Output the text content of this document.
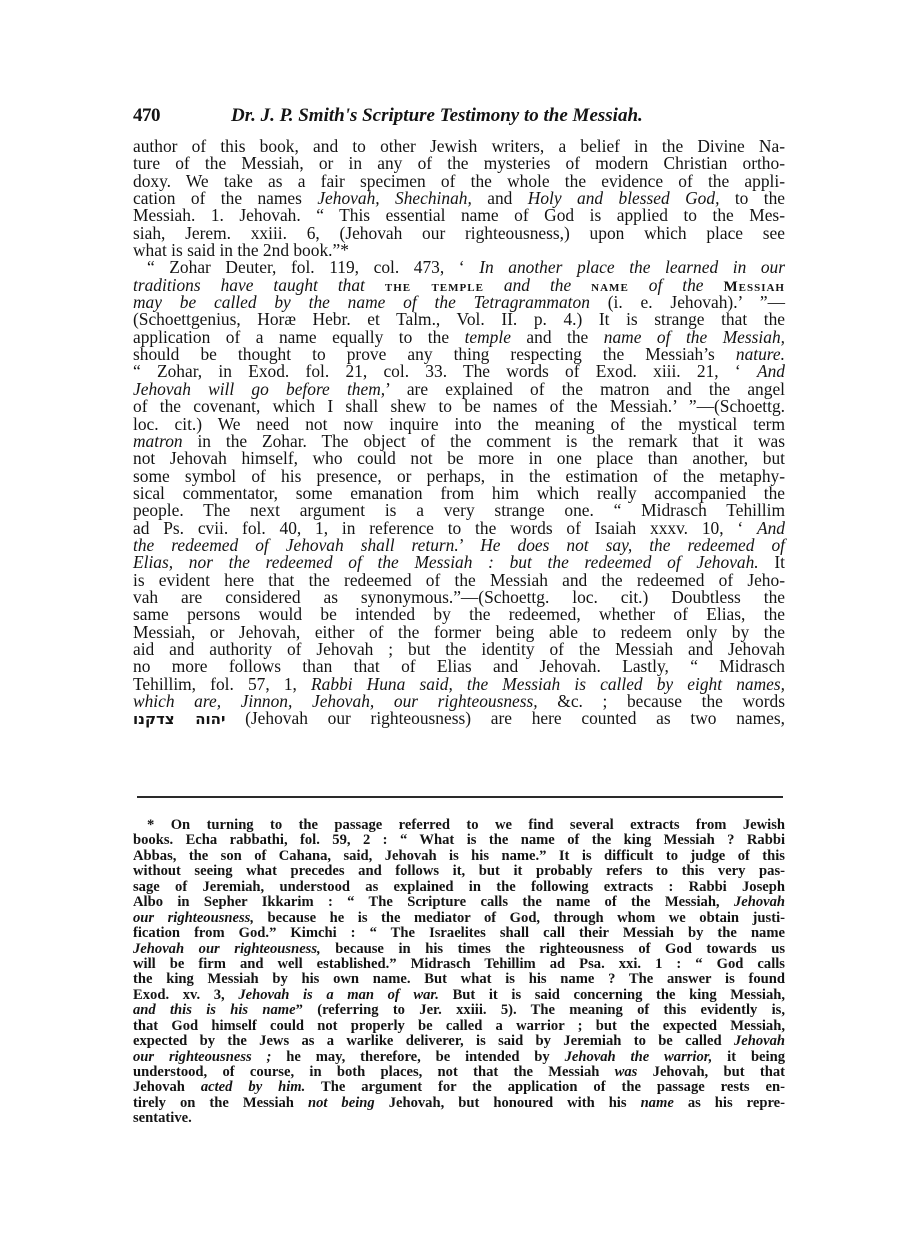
470	Dr. J. P. Smith's Scripture Testimony to the Messiah.
author of this book, and to other Jewish writers, a belief in the Divine Na-
ture of the Messiah, or in any of the mysteries of modern Christian ortho-
doxy. We take as a fair specimen of the whole the evidence of the appli-
cation of the names Jehovah, Shechinah, and Holy and blessed God, to the
Messiah. 1. Jehovah. “ This essential name of God is applied to the Mes-
siah, Jerem. xxiii. 6, (Jehovah our righteousness,) upon which place see
what is said in the 2nd book.”*
“ Zohar Deuter, fol. 119, col. 473, ‘ In another place the learned in our
traditions have taught that the temple and the name of the Messiah
may be called by the name of the Tetragrammaton (i. e. Jehovah).’ ”—
(Schoettgenius, Horæ Hebr. et Talm., Vol. II. p. 4.) It is strange that the
application of a name equally to the temple and the name of the Messiah,
should be thought to prove any thing respecting the Messiah’s nature.
“ Zohar, in Exod. fol. 21, col. 33. The words of Exod. xiii. 21, ‘ And
Jehovah will go before them,’ are explained of the matron and the angel
of the covenant, which I shall shew to be names of the Messiah.’ ”—(Schoettg.
loc. cit.) We need not now inquire into the meaning of the mystical term
matron in the Zohar. The object of the comment is the remark that it was
not Jehovah himself, who could not be more in one place than another, but
some symbol of his presence, or perhaps, in the estimation of the metaphy-
sical commentator, some emanation from him which really accompanied the
people. The next argument is a very strange one. “ Midrasch Tehillim
ad Ps. cvii. fol. 40, 1, in reference to the words of Isaiah xxxv. 10, ‘ And
the redeemed of Jehovah shall return.’ He does not say, the redeemed of
Elias, nor the redeemed of the Messiah : but the redeemed of Jehovah. It
is evident here that the redeemed of the Messiah and the redeemed of Jeho-
vah are considered as synonymous.”—(Schoettg. loc. cit.) Doubtless the
same persons would be intended by the redeemed, whether of Elias, the
Messiah, or Jehovah, either of the former being able to redeem only by the
aid and authority of Jehovah ; but the identity of the Messiah and Jehovah
no more follows than that of Elias and Jehovah. Lastly, “ Midrasch
Tehillim, fol. 57, 1, Rabbi Huna said, the Messiah is called by eight names,
which are, Jinnon, Jehovah, our righteousness, &c. ; because the words
יהוה צדקנו (Jehovah our righteousness) are here counted as two names,
* On turning to the passage referred to we find several extracts from Jewish
books. Echa rabbathi, fol. 59, 2 : “ What is the name of the king Messiah ? Rabbi
Abbas, the son of Cahana, said, Jehovah is his name.” It is difficult to judge of this
without seeing what precedes and follows it, but it probably refers to this very pas-
sage of Jeremiah, understood as explained in the following extracts : Rabbi Joseph
Albo in Sepher Ikkarim : “ The Scripture calls the name of the Messiah, Jehovah
our righteousness, because he is the mediator of God, through whom we obtain justi-
fication from God.” Kimchi : “ The Israelites shall call their Messiah by the name
Jehovah our righteousness, because in his times the righteousness of God towards us
will be firm and well established.” Midrasch Tehillim ad Psa. xxi. 1 : “ God calls
the king Messiah by his own name. But what is his name ? The answer is found
Exod. xv. 3, Jehovah is a man of war. But it is said concerning the king Messiah,
and this is his name” (referring to Jer. xxiii. 5). The meaning of this evidently is,
that God himself could not properly be called a warrior ; but the expected Messiah,
expected by the Jews as a warlike deliverer, is said by Jeremiah to be called Jehovah
our righteousness ; he may, therefore, be intended by Jehovah the warrior, it being
understood, of course, in both places, not that the Messiah was Jehovah, but that
Jehovah acted by him. The argument for the application of the passage rests en-
tirely on the Messiah not being Jehovah, but honoured with his name as his repre-
sentative.
